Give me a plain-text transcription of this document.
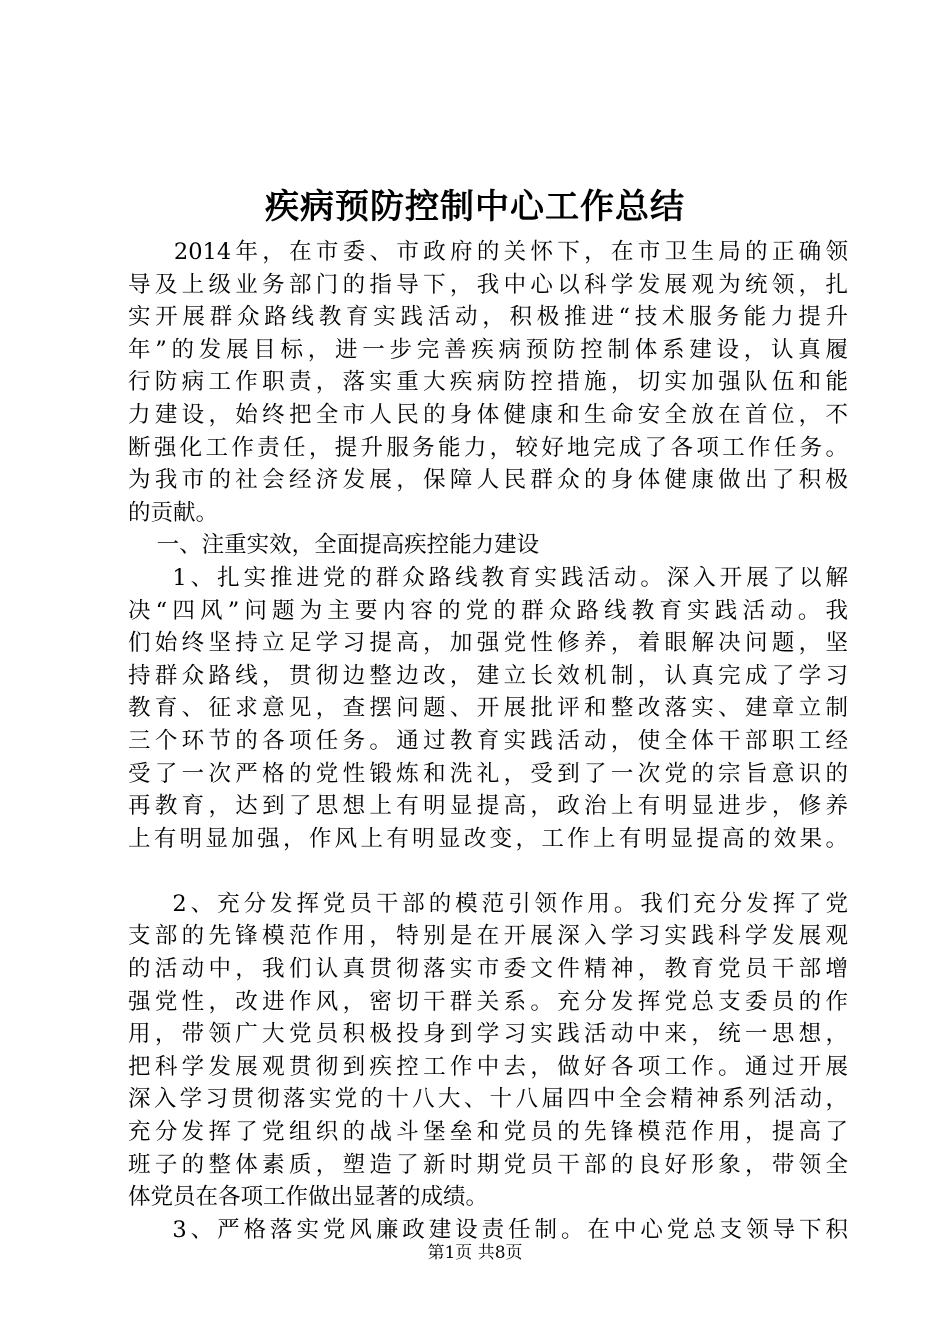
疾病预防控制中心工作总结
2014年，在市委、市政府的关怀下，在市卫生局的正确领
导及上级业务部门的指导下，我中心以科学发展观为统领，扎
实开展群众路线教育实践活动，积极推进“技术服务能力提升
年”的发展目标，进一步完善疾病预防控制体系建设，认真履
行防病工作职责，落实重大疾病防控措施，切实加强队伍和能
力建设，始终把全市人民的身体健康和生命安全放在首位，不
断强化工作责任，提升服务能力，较好地完成了各项工作任务。
为我市的社会经济发展，保障人民群众的身体健康做出了积极
的贡献。
一、注重实效，全面提高疾控能力建设
1、扎实推进党的群众路线教育实践活动。深入开展了以解
决“四风”问题为主要内容的党的群众路线教育实践活动。我
们始终坚持立足学习提高，加强党性修养，着眼解决问题，坚
持群众路线，贯彻边整边改，建立长效机制，认真完成了学习
教育、征求意见，查摆问题、开展批评和整改落实、建章立制
三个环节的各项任务。通过教育实践活动，使全体干部职工经
受了一次严格的党性锻炼和洗礼，受到了一次党的宗旨意识的
再教育，达到了思想上有明显提高，政治上有明显进步，修养
上有明显加强，作风上有明显改变，工作上有明显提高的效果。
2、充分发挥党员干部的模范引领作用。我们充分发挥了党
支部的先锋模范作用，特别是在开展深入学习实践科学发展观
的活动中，我们认真贯彻落实市委文件精神，教育党员干部增
强党性，改进作风，密切干群关系。充分发挥党总支委员的作
用，带领广大党员积极投身到学习实践活动中来，统一思想，
把科学发展观贯彻到疾控工作中去，做好各项工作。通过开展
深入学习贯彻落实党的十八大、十八届四中全会精神系列活动，
充分发挥了党组织的战斗堡垒和党员的先锋模范作用，提高了
班子的整体素质，塑造了新时期党员干部的良好形象，带领全
体党员在各项工作做出显著的成绩。
3、严格落实党风廉政建设责任制。在中心党总支领导下积
第1页 共8页
